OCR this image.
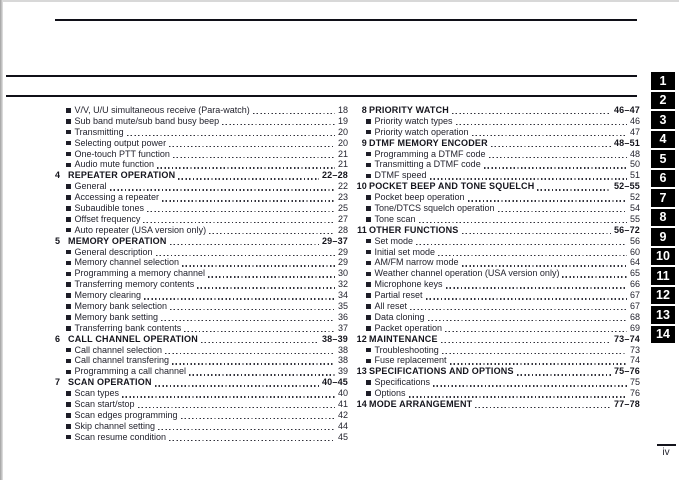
V/V, U/U simultaneous receive (Para-watch)	18
Sub band mute/sub band busy beep	19
Transmitting	20
Selecting output power	20
One-touch PTT function	21
Audio mute function	21
4 REPEATER OPERATION	22–28
General	22
Accessing a repeater	23
Subaudible tones	25
Offset frequency	27
Auto repeater (USA version only)	28
5 MEMORY OPERATION	29–37
General description	29
Memory channel selection	29
Programming a memory channel	30
Transferring memory contents	32
Memory clearing	34
Memory bank selection	35
Memory bank setting	36
Transferring bank contents	37
6 CALL CHANNEL OPERATION	38–39
Call channel selection	38
Call channel transfering	38
Programming a call channel	39
7 SCAN OPERATION	40–45
Scan types	40
Scan start/stop	41
Scan edges programming	42
Skip channel setting	44
Scan resume condition	45
8 PRIORITY WATCH	46–47
Priority watch types	46
Priority watch operation	47
9 DTMF MEMORY ENCODER	48–51
Programming a DTMF code	48
Transmitting a DTMF code	50
DTMF speed	51
10 POCKET BEEP AND TONE SQUELCH	52–55
Pocket beep operation	52
Tone/DTCS squelch operation	54
Tone scan	55
11 OTHER FUNCTIONS	56–72
Set mode	56
Initial set mode	60
AM/FM narrow mode	64
Weather channel operation (USA version only)	65
Microphone keys	66
Partial reset	67
All reset	67
Data cloning	68
Packet operation	69
12 MAINTENANCE	73–74
Troubleshooting	73
Fuse replacement	74
13 SPECIFICATIONS AND OPTIONS	75–76
Specifications	75
Options	76
14 MODE ARRANGEMENT	77–78
1
2
3
4
5
6
7
8
9
10
11
12
13
14
iv
